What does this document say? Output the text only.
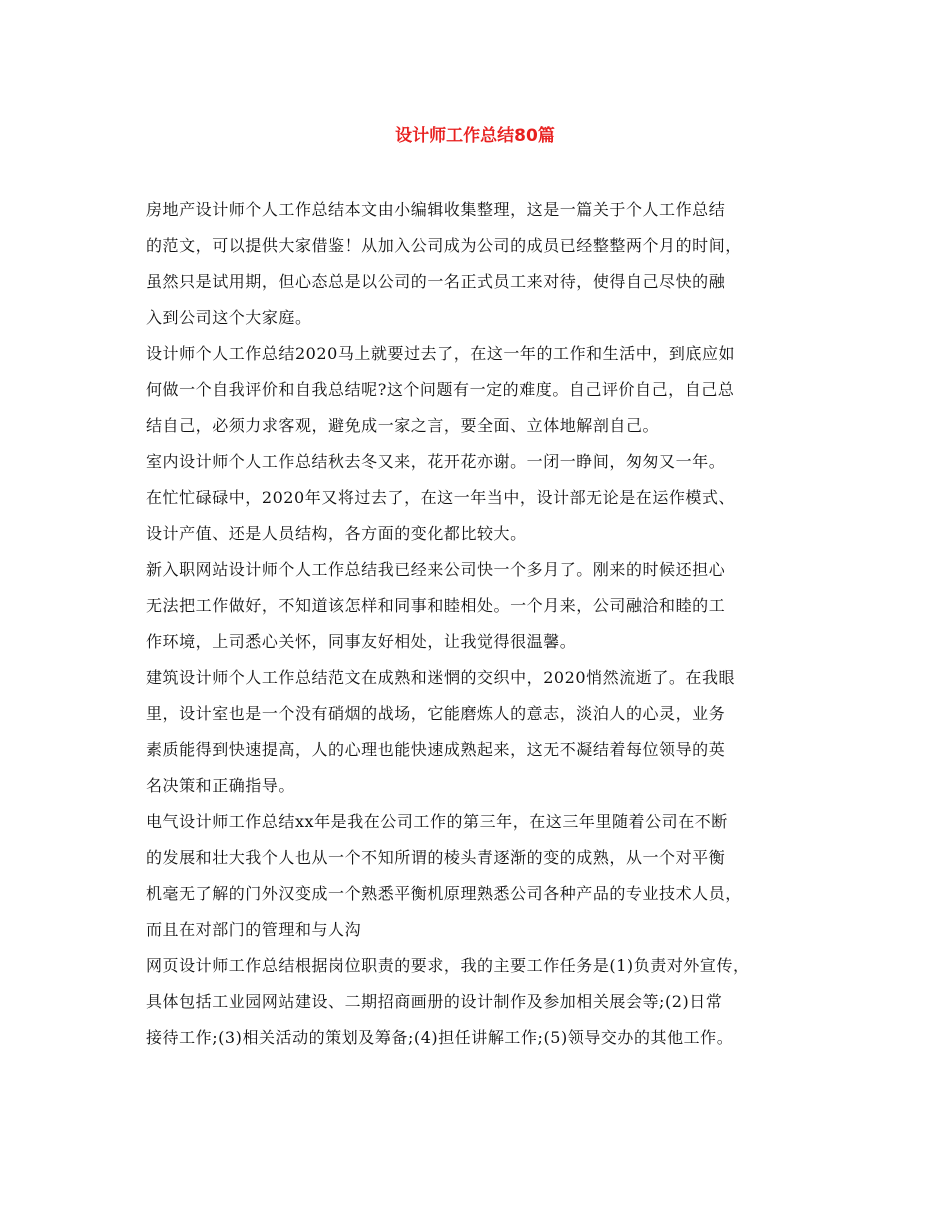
设计师工作总结80篇

房地产设计师个人工作总结本文由小编辑收集整理，这是一篇关于个人工作总结
的范文，可以提供大家借鉴！从加入公司成为公司的成员已经整整两个月的时间，
虽然只是试用期，但心态总是以公司的一名正式员工来对待，使得自己尽快的融
入到公司这个大家庭。

设计师个人工作总结2020马上就要过去了，在这一年的工作和生活中，到底应如
何做一个自我评价和自我总结呢?这个问题有一定的难度。自己评价自己，自己总
结自己，必须力求客观，避免成一家之言，要全面、立体地解剖自己。

室内设计师个人工作总结秋去冬又来，花开花亦谢。一闭一睁间，匆匆又一年。
在忙忙碌碌中，2020年又将过去了，在这一年当中，设计部无论是在运作模式、
设计产值、还是人员结构，各方面的变化都比较大。

新入职网站设计师个人工作总结我已经来公司快一个多月了。刚来的时候还担心
无法把工作做好，不知道该怎样和同事和睦相处。一个月来，公司融洽和睦的工
作环境，上司悉心关怀，同事友好相处，让我觉得很温馨。

建筑设计师个人工作总结范文在成熟和迷惘的交织中，2020悄然流逝了。在我眼
里，设计室也是一个没有硝烟的战场，它能磨炼人的意志，淡泊人的心灵，业务
素质能得到快速提高，人的心理也能快速成熟起来，这无不凝结着每位领导的英
名决策和正确指导。

电气设计师工作总结xx年是我在公司工作的第三年，在这三年里随着公司在不断
的发展和壮大我个人也从一个不知所谓的棱头青逐渐的变的成熟，从一个对平衡
机毫无了解的门外汉变成一个熟悉平衡机原理熟悉公司各种产品的专业技术人员，
而且在对部门的管理和与人沟

网页设计师工作总结根据岗位职责的要求，我的主要工作任务是(1)负责对外宣传，
具体包括工业园网站建设、二期招商画册的设计制作及参加相关展会等;(2)日常
接待工作;(3)相关活动的策划及筹备;(4)担任讲解工作;(5)领导交办的其他工作。
